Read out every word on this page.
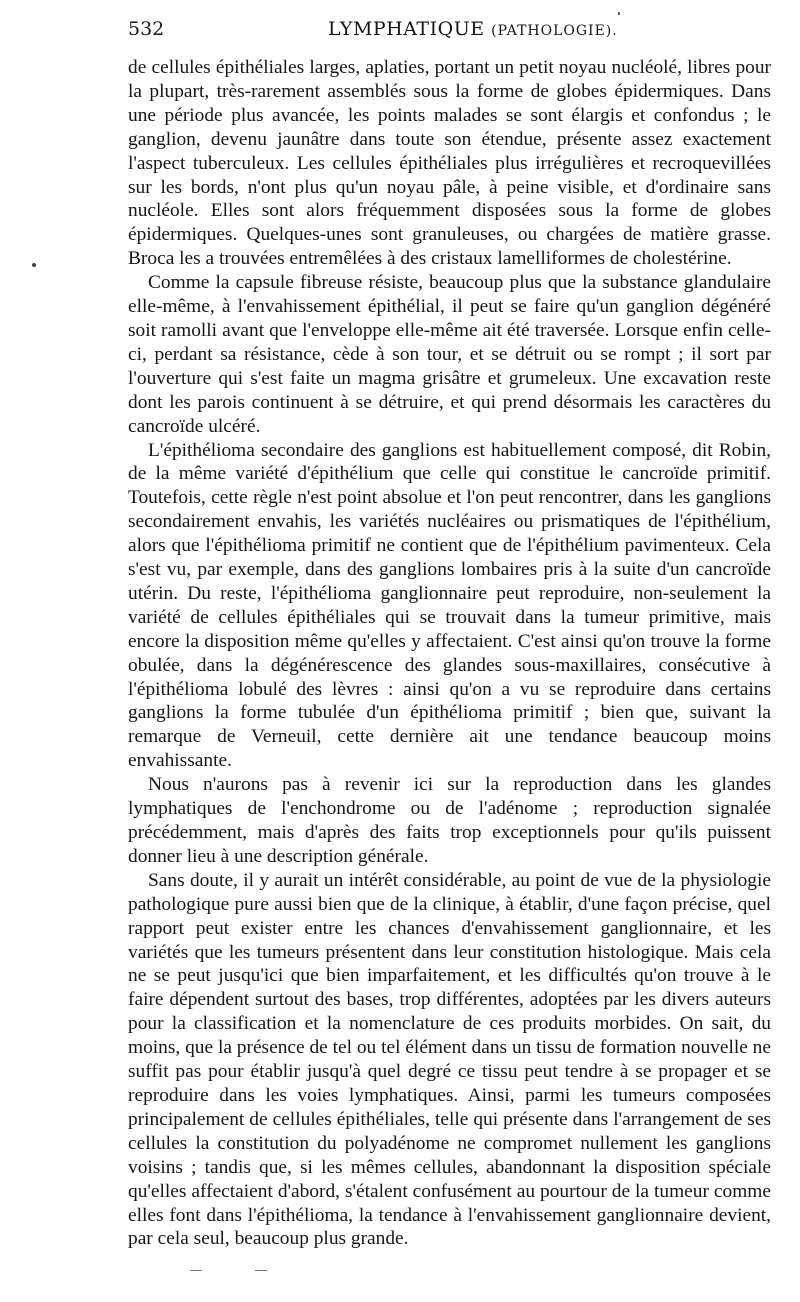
532	LYMPHATIQUE (PATHOLOGIE).

de cellules épithéliales larges, aplaties, portant un petit noyau nucléolé, libres pour la plupart, très-rarement assemblés sous la forme de globes épidermiques. Dans une période plus avancée, les points malades se sont élargis et confondus ; le ganglion, devenu jaunâtre dans toute son étendue, présente assez exactement l'aspect tuberculeux. Les cellules épithéliales plus irrégulières et recroquevillées sur les bords, n'ont plus qu'un noyau pâle, à peine visible, et d'ordinaire sans nucléole. Elles sont alors fréquemment disposées sous la forme de globes épidermiques. Quelques-unes sont granuleuses, ou chargées de matière grasse. Broca les a trouvées entremêlées à des cristaux lamelliformes de cholestérine.

Comme la capsule fibreuse résiste, beaucoup plus que la substance glandulaire elle-même, à l'envahissement épithélial, il peut se faire qu'un ganglion dégénéré soit ramolli avant que l'enveloppe elle-même ait été traversée. Lorsque enfin celle-ci, perdant sa résistance, cède à son tour, et se détruit ou se rompt ; il sort par l'ouverture qui s'est faite un magma grisâtre et grumeleux. Une excavation reste dont les parois continuent à se détruire, et qui prend désormais les caractères du cancroïde ulcéré.

L'épithélioma secondaire des ganglions est habituellement composé, dit Robin, de la même variété d'épithélium que celle qui constitue le cancroïde primitif. Toutefois, cette règle n'est point absolue et l'on peut rencontrer, dans les ganglions secondairement envahis, les variétés nucléaires ou prismatiques de l'épithélium, alors que l'épithélioma primitif ne contient que de l'épithélium pavimenteux. Cela s'est vu, par exemple, dans des ganglions lombaires pris à la suite d'un cancroïde utérin. Du reste, l'épithélioma ganglionnaire peut reproduire, non-seulement la variété de cellules épithéliales qui se trouvait dans la tumeur primitive, mais encore la disposition même qu'elles y affectaient. C'est ainsi qu'on trouve la forme obulée, dans la dégénérescence des glandes sous-maxillaires, consécutive à l'épithélioma lobulé des lèvres : ainsi qu'on a vu se reproduire dans certains ganglions la forme tubulée d'un épithélioma primitif ; bien que, suivant la remarque de Verneuil, cette dernière ait une tendance beaucoup moins envahissante.

Nous n'aurons pas à revenir ici sur la reproduction dans les glandes lymphatiques de l'enchondrome ou de l'adénome ; reproduction signalée précédemment, mais d'après des faits trop exceptionnels pour qu'ils puissent donner lieu à une description générale.

Sans doute, il y aurait un intérêt considérable, au point de vue de la physiologie pathologique pure aussi bien que de la clinique, à établir, d'une façon précise, quel rapport peut exister entre les chances d'envahissement ganglionnaire, et les variétés que les tumeurs présentent dans leur constitution histologique. Mais cela ne se peut jusqu'ici que bien imparfaitement, et les difficultés qu'on trouve à le faire dépendent surtout des bases, trop différentes, adoptées par les divers auteurs pour la classification et la nomenclature de ces produits morbides. On sait, du moins, que la présence de tel ou tel élément dans un tissu de formation nouvelle ne suffit pas pour établir jusqu'à quel degré ce tissu peut tendre à se propager et se reproduire dans les voies lymphatiques. Ainsi, parmi les tumeurs composées principalement de cellules épithéliales, telle qui présente dans l'arrangement de ses cellules la constitution du polyadénome ne compromet nullement les ganglions voisins ; tandis que, si les mêmes cellules, abandonnant la disposition spéciale qu'elles affectaient d'abord, s'étalent confusément au pourtour de la tumeur comme elles font dans l'épithélioma, la tendance à l'envahissement ganglionnaire devient, par cela seul, beaucoup plus grande.
